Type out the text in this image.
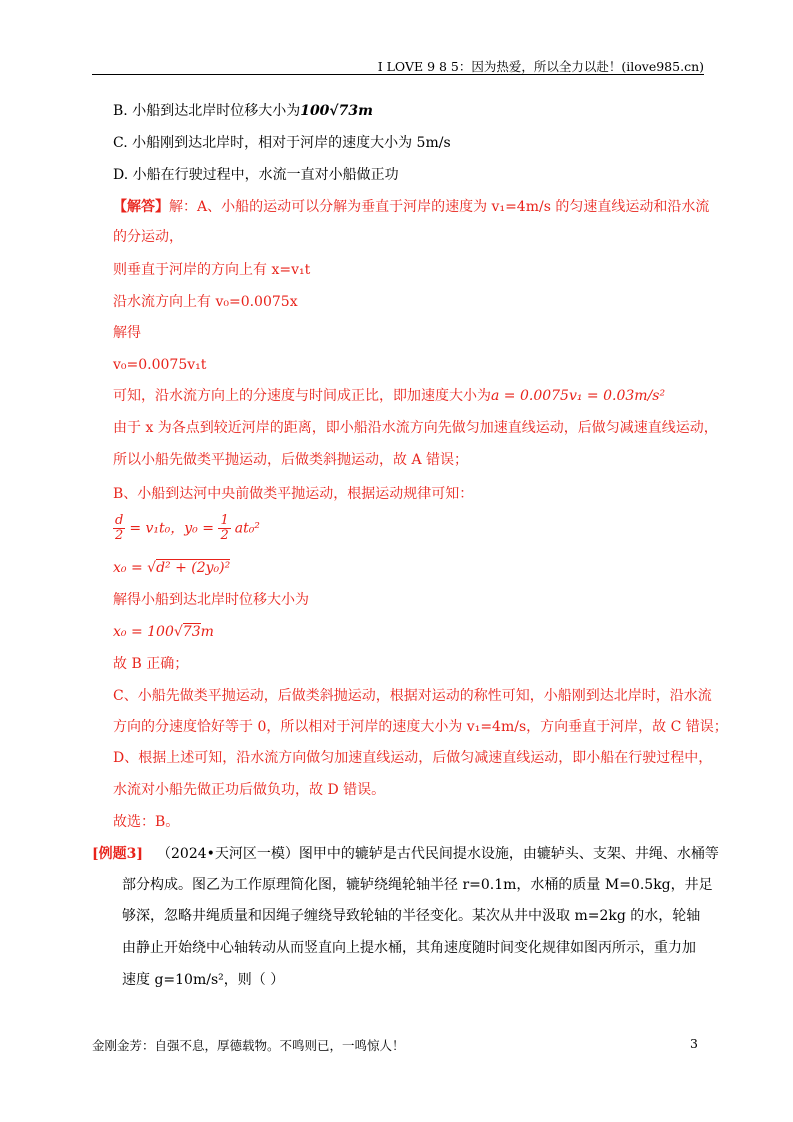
I LOVE 9 8 5：因为热爱，所以全力以赴！(ilove985.cn)
B. 小船到达北岸时位移大小为100√73m
C. 小船刚到达北岸时，相对于河岸的速度大小为 5m/s
D. 小船在行驶过程中，水流一直对小船做正功
【解答】解：A、小船的运动可以分解为垂直于河岸的速度为 v₁=4m/s 的匀速直线运动和沿水流
的分运动，
则垂直于河岸的方向上有 x=v₁t
沿水流方向上有 v₀=0.0075x
解得
v₀=0.0075v₁t
可知，沿水流方向上的分速度与时间成正比，即加速度大小为a = 0.0075v₁ = 0.03m/s²
由于 x 为各点到较近河岸的距离，即小船沿水流方向先做匀加速直线运动，后做匀减速直线运动，
所以小船先做类平抛运动，后做类斜抛运动，故 A 错误；
B、小船到达河中央前做类平抛运动，根据运动规律可知：
$\frac{d}{2} = v_1t_0$，$y_0 = \frac{1}{2} at_0^2$
x₀ = √d² + (2y₀)²
解得小船到达北岸时位移大小为
x₀ = 100√73m
故 B 正确；
C、小船先做类平抛运动，后做类斜抛运动，根据对运动的称性可知，小船刚到达北岸时，沿水流
方向的分速度恰好等于 0，所以相对于河岸的速度大小为 v₁=4m/s，方向垂直于河岸，故 C 错误；
D、根据上述可知，沿水流方向做匀加速直线运动，后做匀减速直线运动，即小船在行驶过程中，
水流对小船先做正功后做负功，故 D 错误。
故选：B。
[例题3] （2024•天河区一模）图甲中的辘轳是古代民间提水设施，由辘轳头、支架、井绳、水桶等
部分构成。图乙为工作原理简化图，辘轳绕绳轮轴半径 r=0.1m，水桶的质量 M=0.5kg，井足
够深，忽略井绳质量和因绳子缠绕导致轮轴的半径变化。某次从井中汲取 m=2kg 的水，轮轴
由静止开始绕中心轴转动从而竖直向上提水桶，其角速度随时间变化规律如图丙所示，重力加
速度 g=10m/s²，则（ ）
金刚金芳：自强不息，厚德载物。不鸣则已，一鸣惊人！	3
